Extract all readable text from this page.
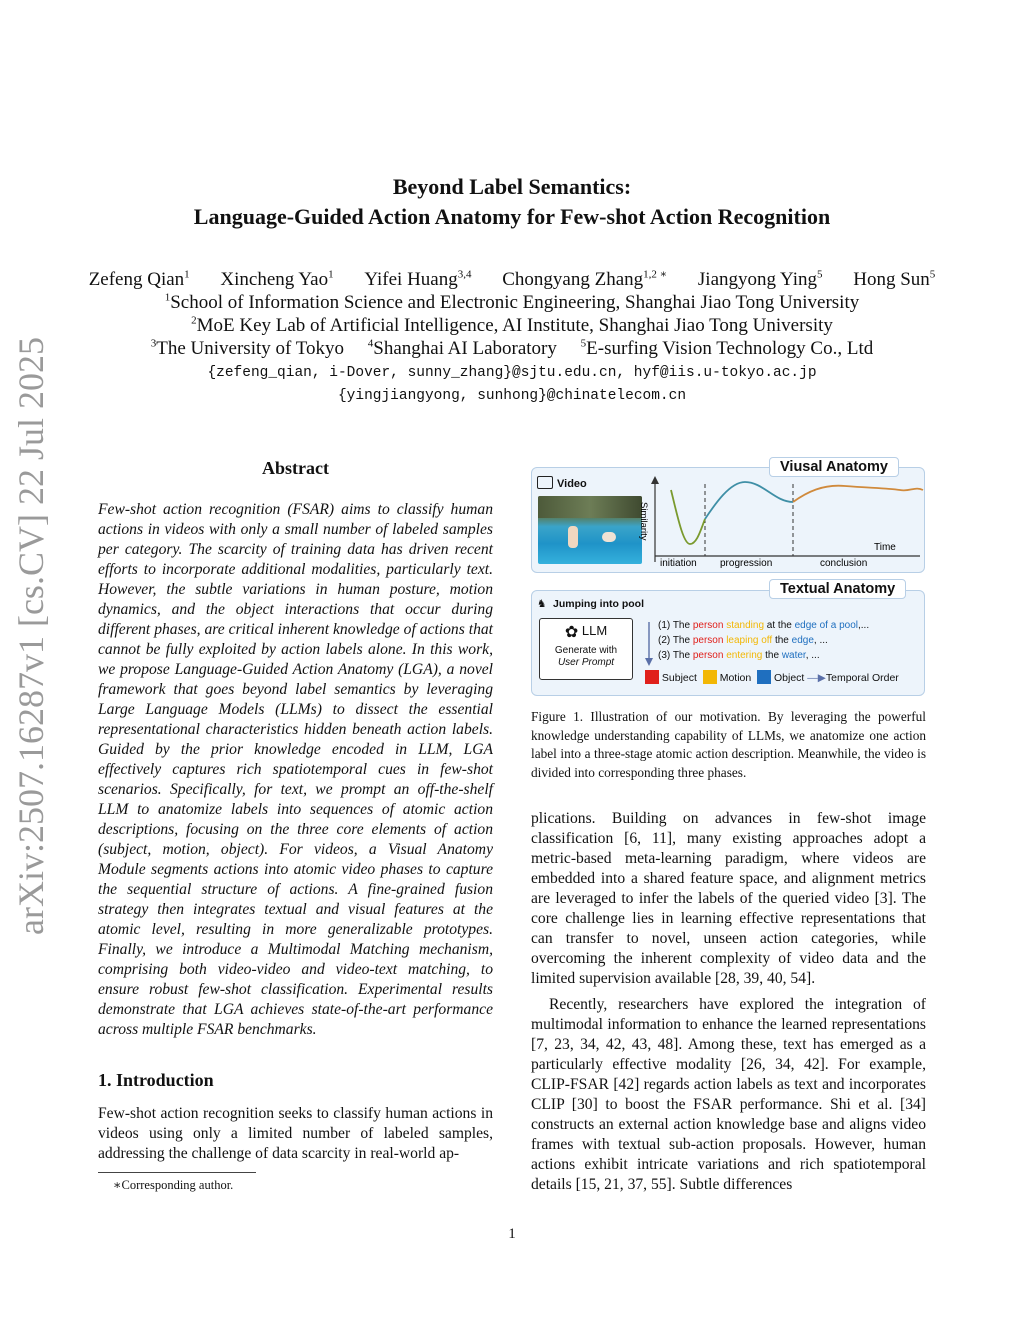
arXiv:2507.16287v1 [cs.CV] 22 Jul 2025
Beyond Label Semantics:
Language-Guided Action Anatomy for Few-shot Action Recognition
Zefeng Qian$^1$ Xincheng Yao$^1$ Yifei Huang$^{3,4}$ Chongyang Zhang$^{1,2 ∗}$ Jiangyong Ying$^5$ Hong Sun$^5$
$^1$School of Information Science and Electronic Engineering, Shanghai Jiao Tong University
$^2$MoE Key Lab of Artificial Intelligence, AI Institute, Shanghai Jiao Tong University
$^3$The University of Tokyo $^4$Shanghai AI Laboratory $^5$E-surfing Vision Technology Co., Ltd
{zefeng_qian, i-Dover, sunny_zhang}@sjtu.edu.cn, hyf@iis.u-tokyo.ac.jp
{yingjiangyong, sunhong}@chinatelecom.cn
Abstract
Few-shot action recognition (FSAR) aims to classify human actions in videos with only a small number of labeled samples per category. The scarcity of training data has driven recent efforts to incorporate additional modalities, particularly text. However, the subtle variations in human posture, motion dynamics, and the object interactions that occur during different phases, are critical inherent knowledge of actions that cannot be fully exploited by action labels alone. In this work, we propose Language-Guided Action Anatomy (LGA), a novel framework that goes beyond label semantics by leveraging Large Language Models (LLMs) to dissect the essential representational characteristics hidden beneath action labels. Guided by the prior knowledge encoded in LLM, LGA effectively captures rich spatiotemporal cues in few-shot scenarios. Specifically, for text, we prompt an off-the-shelf LLM to anatomize labels into sequences of atomic action descriptions, focusing on the three core elements of action (subject, motion, object). For videos, a Visual Anatomy Module segments actions into atomic video phases to capture the sequential structure of actions. A fine-grained fusion strategy then integrates textual and visual features at the atomic level, resulting in more generalizable prototypes. Finally, we introduce a Multimodal Matching mechanism, comprising both video-video and video-text matching, to ensure robust few-shot classification. Experimental results demonstrate that LGA achieves state-of-the-art performance across multiple FSAR benchmarks.
1. Introduction
Few-shot action recognition seeks to classify human actions in videos using only a limited number of labeled samples, addressing the challenge of data scarcity in real-world ap-
∗Corresponding author.
Viusal Anatomy
Video
Similarity
Time
initiation progression	conclusion
Textual Anatomy
♞ Jumping into pool
✿ LLM
Generate with
User Prompt
(1) The person standing at the edge of a pool,...
(2) The person leaping off the edge, ...
(3) The person entering the water, ...
Subject Motion Object —▶Temporal Order
Figure 1. Illustration of our motivation. By leveraging the powerful knowledge understanding capability of LLMs, we anatomize one action label into a three-stage atomic action description. Meanwhile, the video is divided into corresponding three phases.
plications. Building on advances in few-shot image classification [6, 11], many existing approaches adopt a metric-based meta-learning paradigm, where videos are embedded into a shared feature space, and alignment metrics are leveraged to infer the labels of the queried video [3]. The core challenge lies in learning effective representations that can transfer to novel, unseen action categories, while overcoming the inherent complexity of video data and the limited supervision available [28, 39, 40, 54].
Recently, researchers have explored the integration of multimodal information to enhance the learned representations [7, 23, 34, 42, 43, 48]. Among these, text has emerged as a particularly effective modality [26, 34, 42]. For example, CLIP-FSAR [42] regards action labels as text and incorporates CLIP [30] to boost the FSAR performance. Shi et al. [34] constructs an external action knowledge base and aligns video frames with textual sub-action proposals. However, human actions exhibit intricate variations and rich spatiotemporal details [15, 21, 37, 55]. Subtle differences
1
